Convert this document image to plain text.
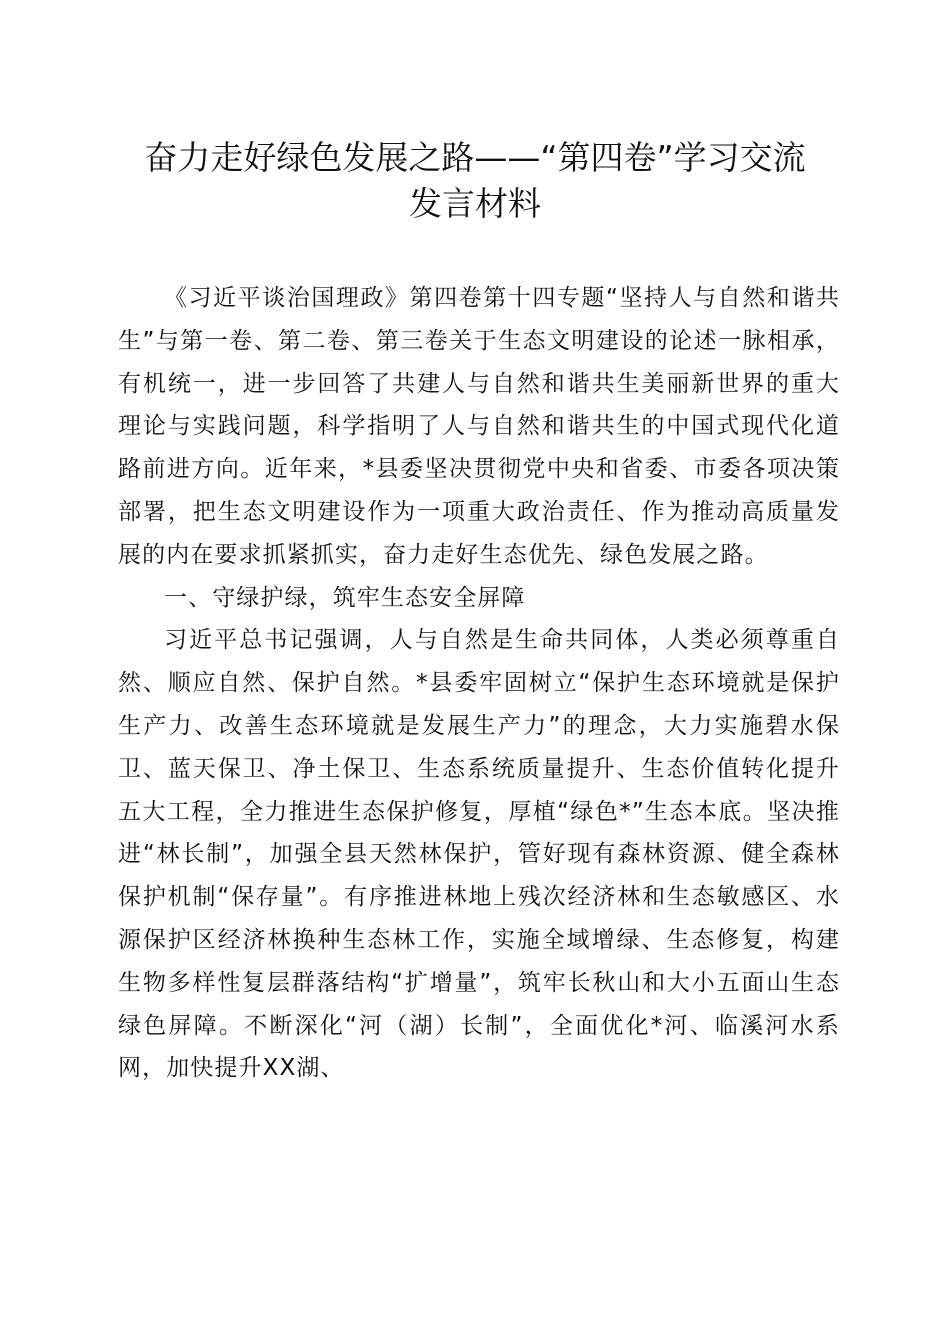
奋力走好绿色发展之路——“第四卷”学习交流
发言材料

《习近平谈治国理政》第四卷第十四专题“坚持人与自然和谐共生”与第一卷、第二卷、第三卷关于生态文明建设的论述一脉相承，有机统一，进一步回答了共建人与自然和谐共生美丽新世界的重大理论与实践问题，科学指明了人与自然和谐共生的中国式现代化道路前进方向。近年来，*县委坚决贯彻党中央和省委、市委各项决策部署，把生态文明建设作为一项重大政治责任、作为推动高质量发展的内在要求抓紧抓实，奋力走好生态优先、绿色发展之路。

一、守绿护绿，筑牢生态安全屏障

习近平总书记强调，人与自然是生命共同体，人类必须尊重自然、顺应自然、保护自然。*县委牢固树立“保护生态环境就是保护生产力、改善生态环境就是发展生产力”的理念，大力实施碧水保卫、蓝天保卫、净土保卫、生态系统质量提升、生态价值转化提升五大工程，全力推进生态保护修复，厚植“绿色*”生态本底。坚决推进“林长制”，加强全县天然林保护，管好现有森林资源、健全森林保护机制“保存量”。有序推进林地上残次经济林和生态敏感区、水源保护区经济林换种生态林工作，实施全域增绿、生态修复，构建生物多样性复层群落结构“扩增量”，筑牢长秋山和大小五面山生态绿色屏障。不断深化“河（湖）长制”，全面优化*河、临溪河水系网，加快提升XX湖、
